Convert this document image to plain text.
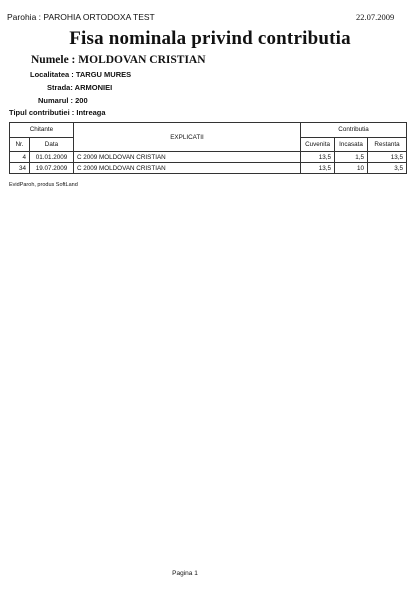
Parohia : PAROHIA ORTODOXA TEST	22.07.2009
Fisa nominala privind contributia
Numele : MOLDOVAN CRISTIAN
Localitatea : TARGU MURES
Strada: ARMONIEI
Numarul : 200
Tipul contributiei : Intreaga
Chitante		EXPLICATII	Contributia		
Nr.	Data		Cuvenita	Incasata	Restanta
4	01.01.2009	C 2009 MOLDOVAN CRISTIAN	13,5	1,5	13,5
34	19.07.2009	C 2009 MOLDOVAN CRISTIAN	13,5	10	3,5
EvidParoh, produs SoftLand
Pagina 1
